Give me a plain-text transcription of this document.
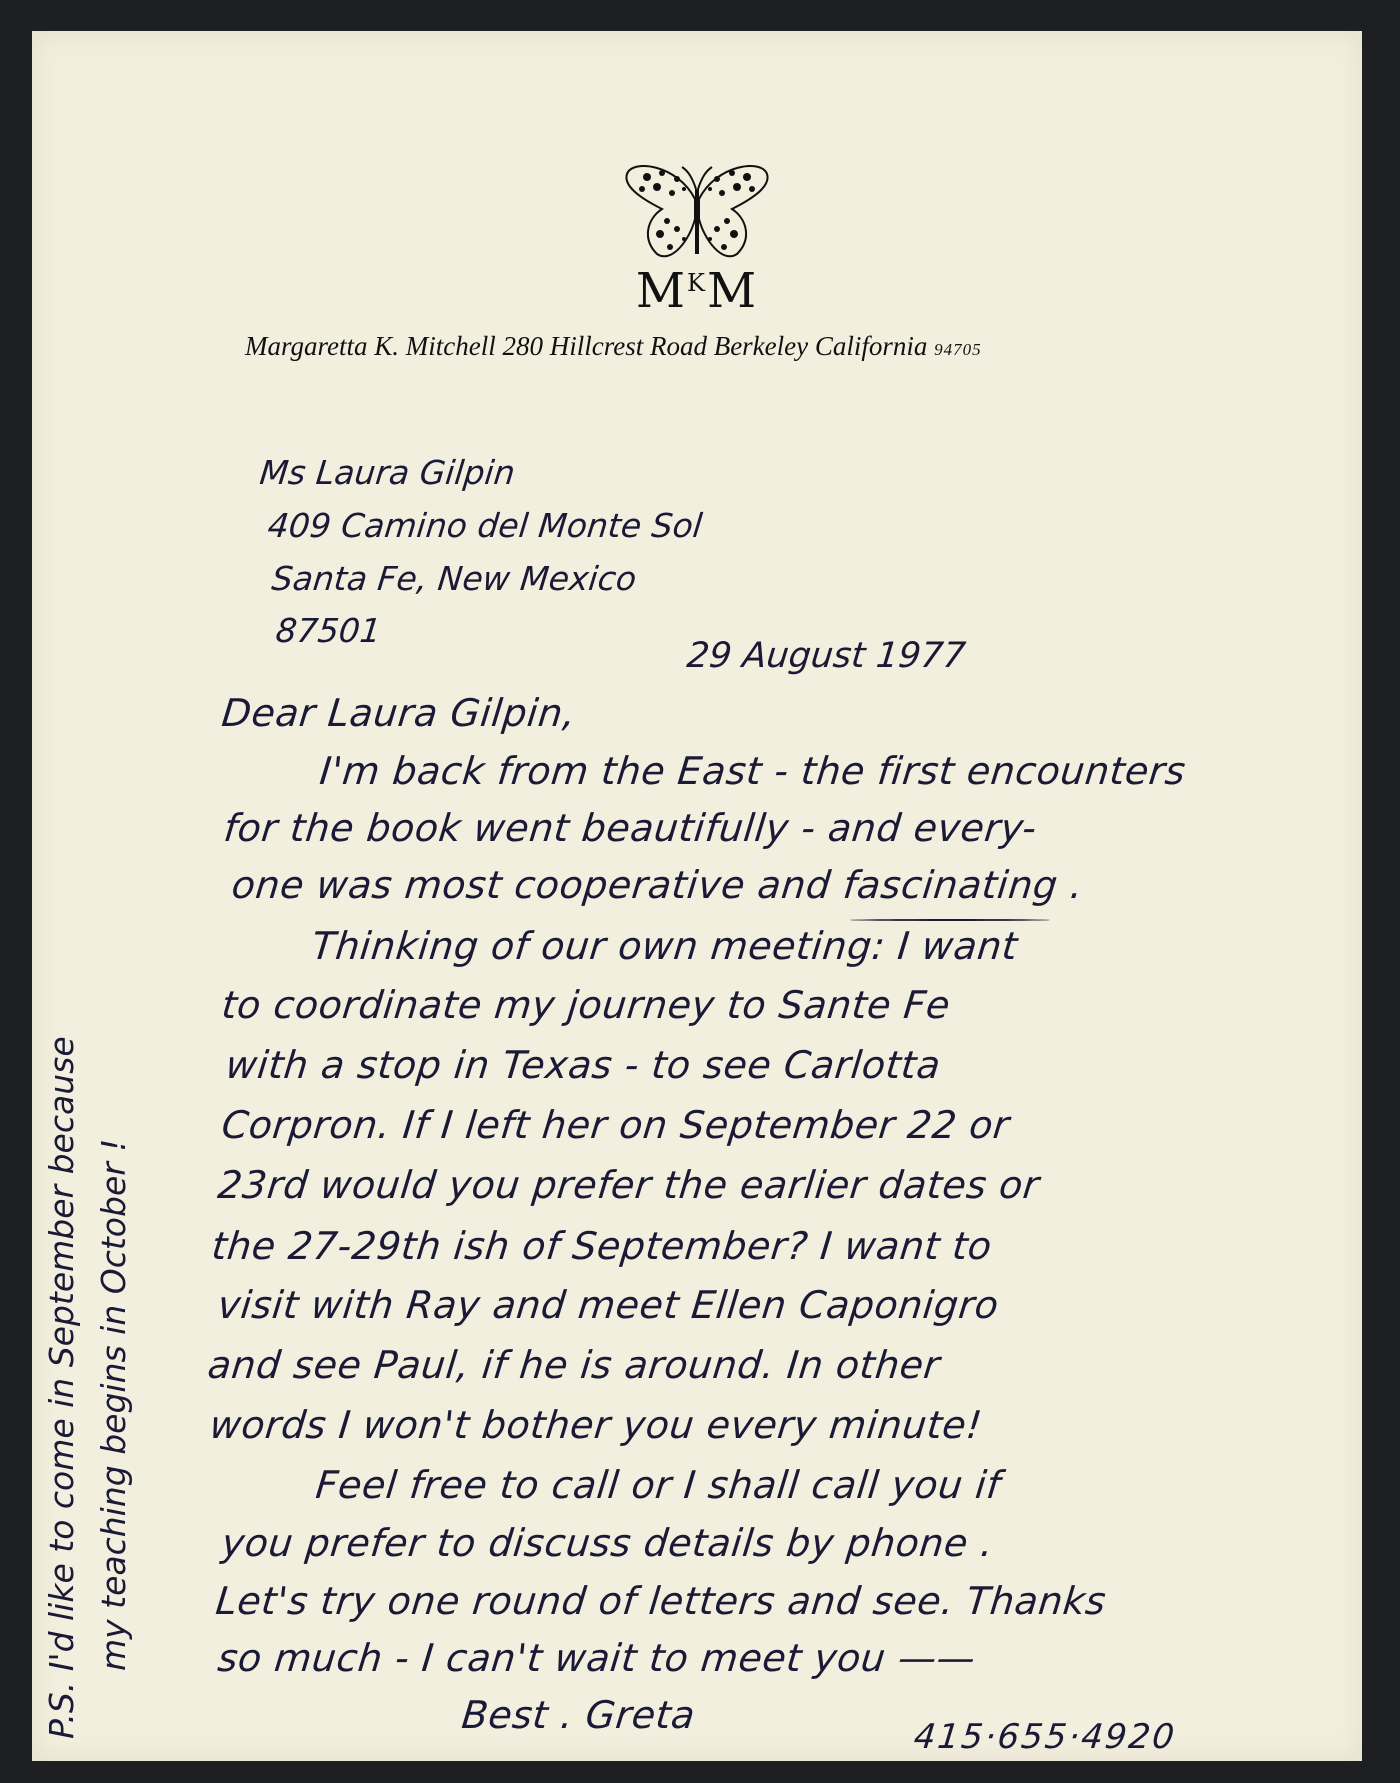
$M^KM$
Margaretta K. Mitchell 280 Hillcrest Road Berkeley California 94705
Ms Laura Gilpin
409 Camino del Monte Sol
Santa Fe, New Mexico
87501
29 August 1977
Dear Laura Gilpin,
I'm back from the East - the first encounters
for the book went beautifully - and every-
one was most cooperative and fascinating .
Thinking of our own meeting: I want
to coordinate my journey to Sante Fe
with a stop in Texas - to see Carlotta
Corpron. If I left her on September 22 or
23rd would you prefer the earlier dates or
the 27-29th ish of September? I want to
visit with Ray and meet Ellen Caponigro
and see Paul, if he is around. In other
words I won't bother you every minute!
Feel free to call or I shall call you if
you prefer to discuss details by phone .
Let's try one round of letters and see. Thanks
so much - I can't wait to meet you ——
Best . Greta	415·655·4920
P.S. I'd like to come in September because my teaching begins in October !
